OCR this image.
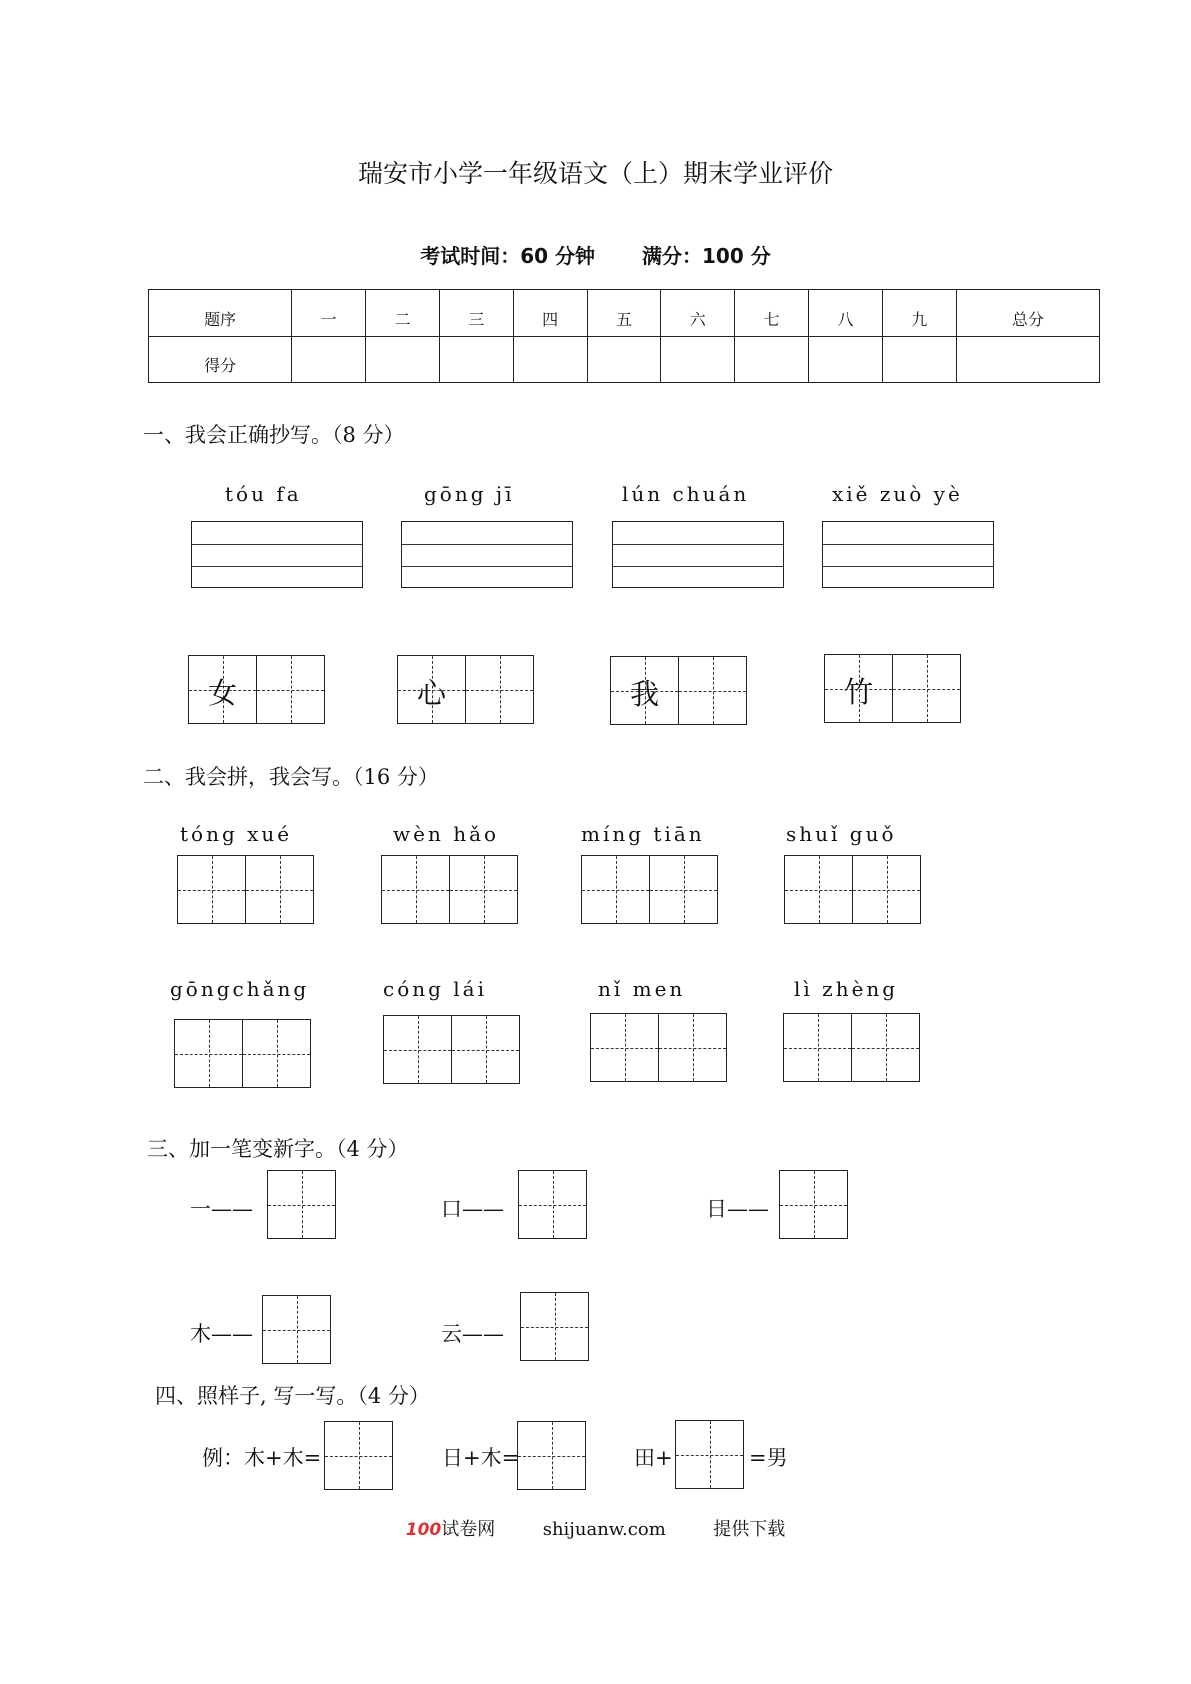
瑞安市小学一年级语文（上）期末学业评价
考试时间：60 分钟 满分：100 分
题序	一	二	三	四	五	六	七	八	九	总分
得分										
一、我会正确抄写。（8 分）
tóu fa	gōng jī	lún chuán	xiě zuò yè
女	心	我	竹
二、我会拼，我会写。（16 分）
tóng xué	wèn hǎo	míng tiān	shuǐ guǒ
gōngchǎng	cóng lái	nǐ men	lì zhèng
三、加一笔变新字。（4 分）
一——	口——	日——
木——	云——
四、照样子, 写一写。（4 分）
例：木+木=	日+木=	田+	=男
100试卷网	shijuanw.com	提供下载
